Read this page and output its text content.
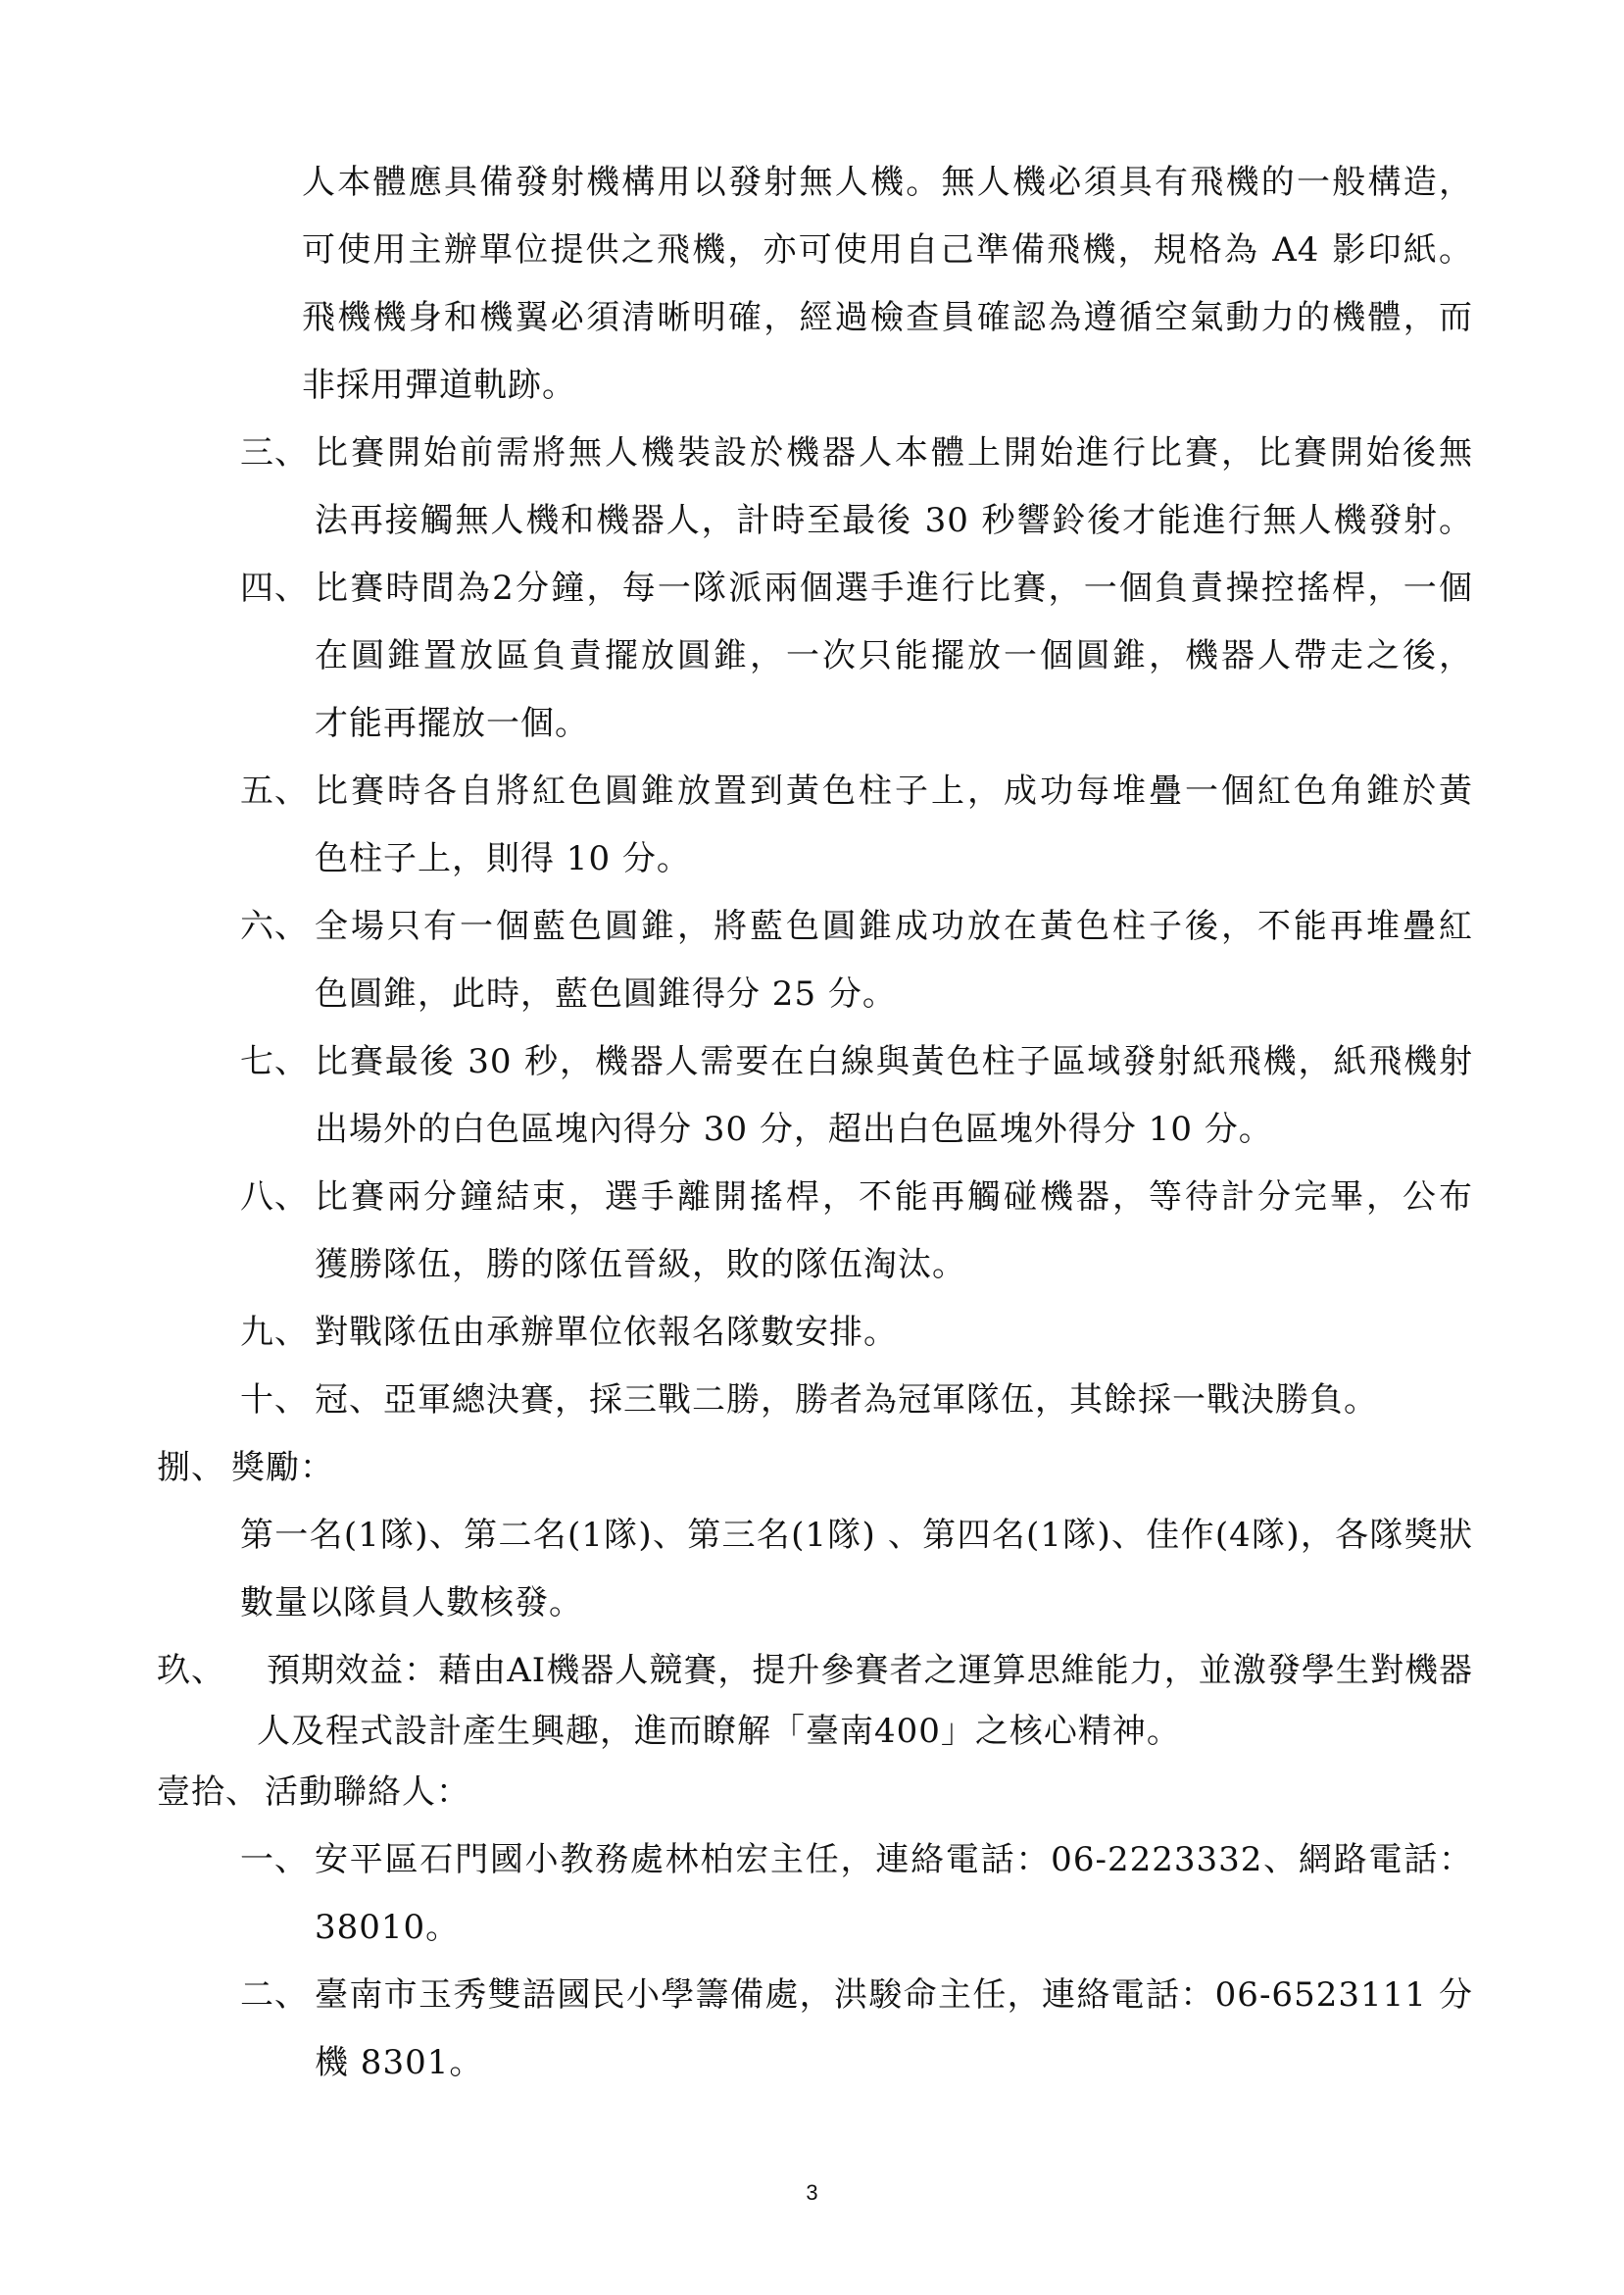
人本體應具備發射機構用以發射無人機。無人機必須具有飛機的一般構造，
可使用主辦單位提供之飛機，亦可使用自己準備飛機，規格為 A4 影印紙。
飛機機身和機翼必須清晰明確，經過檢查員確認為遵循空氣動力的機體，而
非採用彈道軌跡。
三、 比賽開始前需將無人機裝設於機器人本體上開始進行比賽，比賽開始後無
法再接觸無人機和機器人，計時至最後 30 秒響鈴後才能進行無人機發射。
四、 比賽時間為2分鐘，每一隊派兩個選手進行比賽，一個負責操控搖桿，一個
在圓錐置放區負責擺放圓錐，一次只能擺放一個圓錐，機器人帶走之後，
才能再擺放一個。
五、 比賽時各自將紅色圓錐放置到黃色柱子上，成功每堆疊一個紅色角錐於黃
色柱子上，則得 10 分。
六、 全場只有一個藍色圓錐，將藍色圓錐成功放在黃色柱子後，不能再堆疊紅
色圓錐，此時，藍色圓錐得分 25 分。
七、 比賽最後 30 秒，機器人需要在白線與黃色柱子區域發射紙飛機，紙飛機射
出場外的白色區塊內得分 30 分，超出白色區塊外得分 10 分。
八、 比賽兩分鐘結束，選手離開搖桿，不能再觸碰機器，等待計分完畢，公布
獲勝隊伍，勝的隊伍晉級，敗的隊伍淘汰。
九、 對戰隊伍由承辦單位依報名隊數安排。
十、 冠、亞軍總決賽，採三戰二勝，勝者為冠軍隊伍，其餘採一戰決勝負。
捌、 獎勵：
第一名(1隊)、第二名(1隊)、第三名(1隊) 、第四名(1隊)、佳作(4隊)，各隊獎狀
數量以隊員人數核發。
玖、 預期效益：藉由AI機器人競賽，提升參賽者之運算思維能力，並激發學生對機器
人及程式設計產生興趣，進而瞭解「臺南400」之核心精神。
壹拾、 活動聯絡人：
一、 安平區石門國小教務處林柏宏主任，連絡電話：06-2223332、網路電話：
38010。
二、 臺南市玉秀雙語國民小學籌備處，洪駿命主任，連絡電話：06-6523111 分
機 8301。
3
